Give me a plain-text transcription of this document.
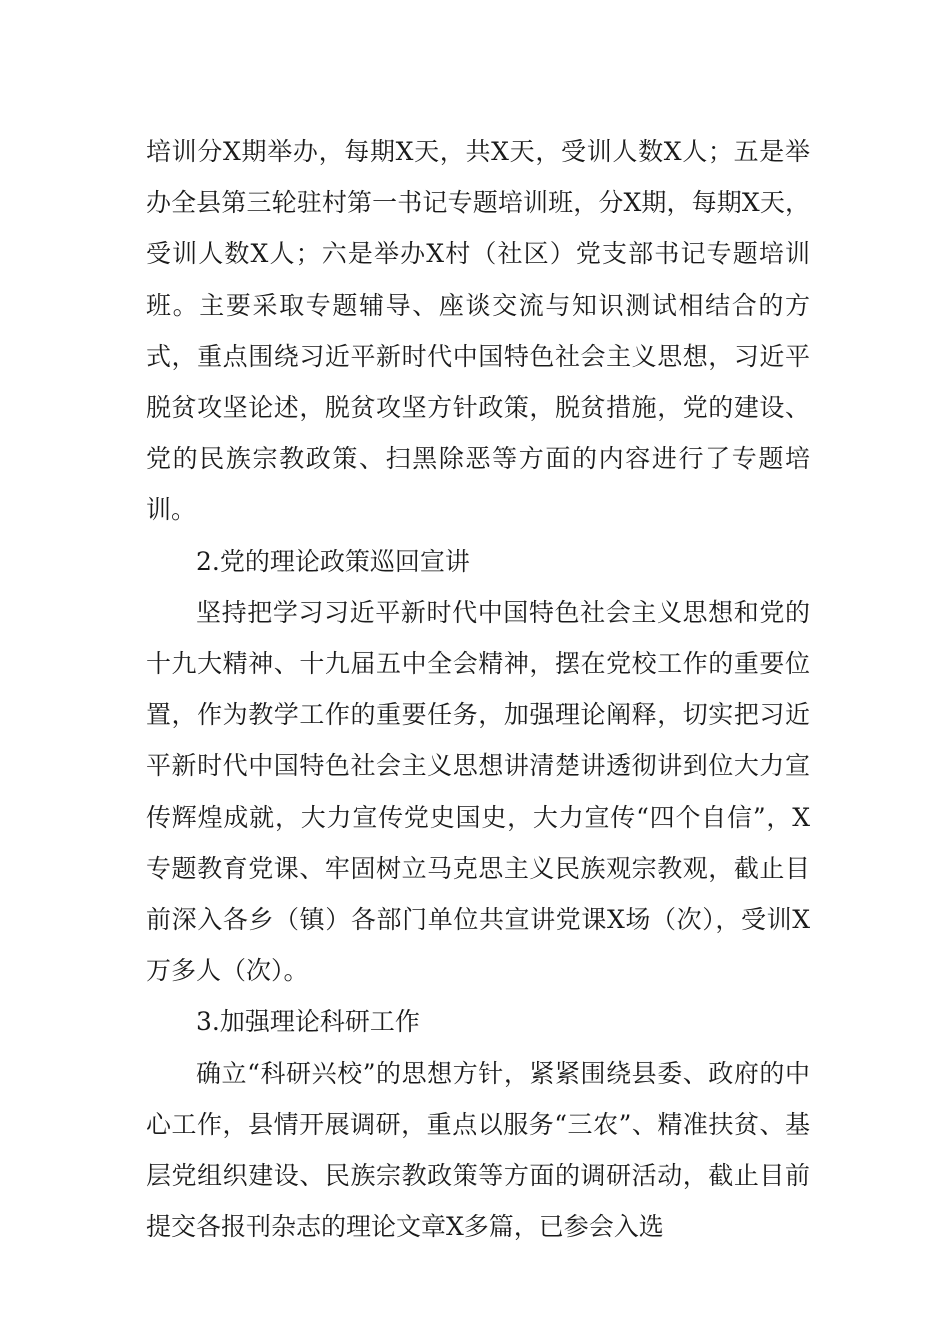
培训分X期举办，每期X天，共X天，受训人数X人；五是举办全县第三轮驻村第一书记专题培训班，分X期，每期X天，受训人数X人；六是举办X村（社区）党支部书记专题培训班。主要采取专题辅导、座谈交流与知识测试相结合的方式，重点围绕习近平新时代中国特色社会主义思想，习近平脱贫攻坚论述，脱贫攻坚方针政策，脱贫措施，党的建设、党的民族宗教政策、扫黑除恶等方面的内容进行了专题培训。

2.党的理论政策巡回宣讲

坚持把学习习近平新时代中国特色社会主义思想和党的十九大精神、十九届五中全会精神，摆在党校工作的重要位置，作为教学工作的重要任务，加强理论阐释，切实把习近平新时代中国特色社会主义思想讲清楚讲透彻讲到位大力宣传辉煌成就，大力宣传党史国史，大力宣传“四个自信”，X专题教育党课、牢固树立马克思主义民族观宗教观，截止目前深入各乡（镇）各部门单位共宣讲党课X场（次），受训X万多人（次）。

3.加强理论科研工作

确立“科研兴校”的思想方针，紧紧围绕县委、政府的中心工作，县情开展调研，重点以服务“三农”、精准扶贫、基层党组织建设、民族宗教政策等方面的调研活动，截止目前提交各报刊杂志的理论文章X多篇，已参会入选
